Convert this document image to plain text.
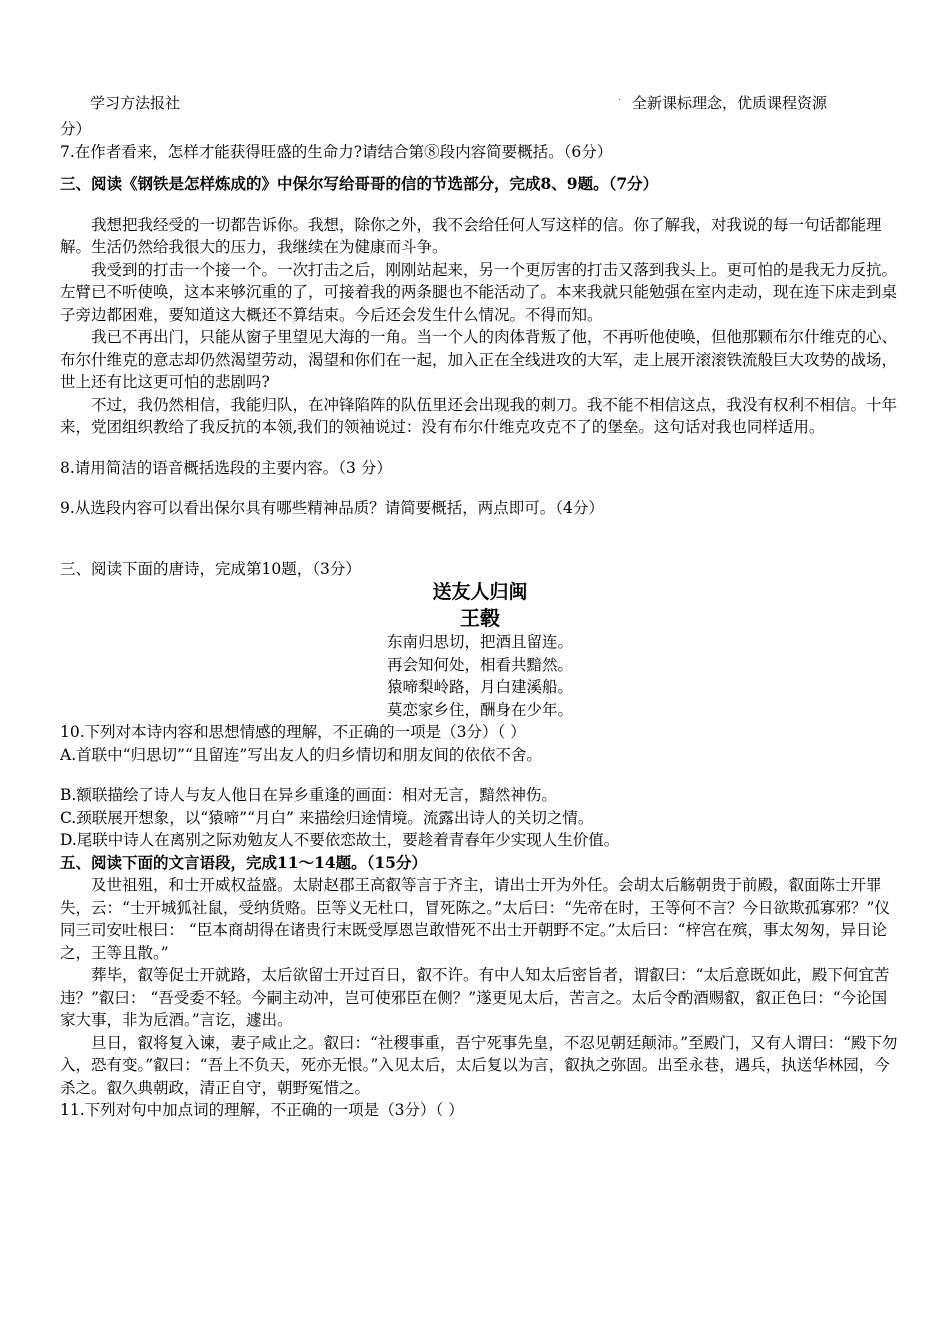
学习方法报社	. 全新课标理念，优质课程资源

分）

7.在作者看来，怎样才能获得旺盛的生命力?请结合第⑧段内容简要概括。（6分）

三、阅读《钢铁是怎样炼成的》中保尔写给哥哥的信的节选部分，完成8、9题。（7分）

我想把我经受的一切都告诉你。我想，除你之外，我不会给任何人写这样的信。你了解我，对我说的每一句话都能理解。生活仍然给我很大的压力，我继续在为健康而斗争。

我受到的打击一个接一个。一次打击之后，刚刚站起来，另一个更厉害的打击又落到我头上。更可怕的是我无力反抗。左臂已不听使唤，这本来够沉重的了，可接着我的两条腿也不能活动了。本来我就只能勉强在室内走动，现在连下床走到桌子旁边都困难，要知道这大概还不算结束。今后还会发生什么情况。不得而知。

我已不再出门，只能从窗子里望见大海的一角。当一个人的肉体背叛了他，不再听他使唤，但他那颗布尔什维克的心、布尔什维克的意志却仍然渴望劳动，渴望和你们在一起，加入正在全线进攻的大军，走上展开滚滚铁流般巨大攻势的战场，世上还有比这更可怕的悲剧吗?

不过，我仍然相信，我能归队，在冲锋陷阵的队伍里还会出现我的刺刀。我不能不相信这点，我没有权利不相信。十年来，党团组织教给了我反抗的本领,我们的领袖说过：没有布尔什维克攻克不了的堡垒。这句话对我也同样适用。

8.请用简洁的语音概括选段的主要内容。（3 分）

9.从选段内容可以看出保尔具有哪些精神品质？请简要概括，两点即可。（4分）

三、阅读下面的唐诗，完成第10题，（3分）

送友人归闽

王毂

东南归思切，把酒且留连。

再会知何处，相看共黯然。

猿啼梨岭路，月白建溪船。

莫恋家乡住，酬身在少年。

10.下列对本诗内容和思想情感的理解，不正确的一项是（3分）（ ）

A.首联中“归思切”“且留连”写出友人的归乡情切和朋友间的依依不舍。

B.额联描绘了诗人与友人他日在异乡重逢的画面：相对无言，黯然神伤。

C.颈联展开想象，以“猿啼”“月白” 来描绘归途情境。流露出诗人的关切之情。

D.尾联中诗人在离别之际劝勉友人不要依恋故土，要趁着青春年少实现人生价值。

五、阅读下面的文言语段，完成11～14题。（15分）

及世祖殂，和士开威权益盛。太尉赵郡王高叡等言于齐主，请出士开为外任。会胡太后觞朝贵于前殿，叡面陈士开罪失，云：“士开城狐社鼠，受纳货赂。臣等义无杜口，冒死陈之。”太后曰：“先帝在时，王等何不言？今日欲欺孤寡邪？”仪同三司安吐根曰： “臣本商胡得在诸贵行末既受厚恩岂敢惜死不出士开朝野不定。”太后曰：“梓宫在殡，事太匆匆，异日论之，王等且散。”

葬毕，叡等促士开就路，太后欲留士开过百日，叡不许。有中人知太后密旨者，谓叡曰：“太后意既如此，殿下何宜苦违？”叡曰： “吾受委不轻。今嗣主动冲，岂可使邪臣在侧？”遂更见太后，苦言之。太后令酌酒赐叡，叡正色曰：“今论国家大事，非为卮酒。”言讫，遽出。

旦日，叡将复入谏，妻子咸止之。叡曰：“社稷事重，吾宁死事先皇，不忍见朝廷颠沛。”至殿门，又有人谓曰：“殿下勿入，恐有变。”叡曰：“吾上不负天，死亦无恨。”入见太后，太后复以为言，叡执之弥固。出至永巷，遇兵，执送华林园，今杀之。叡久典朝政，清正自守，朝野冤惜之。

11.下列对句中加点词的理解，不正确的一项是（3分）（ ）
